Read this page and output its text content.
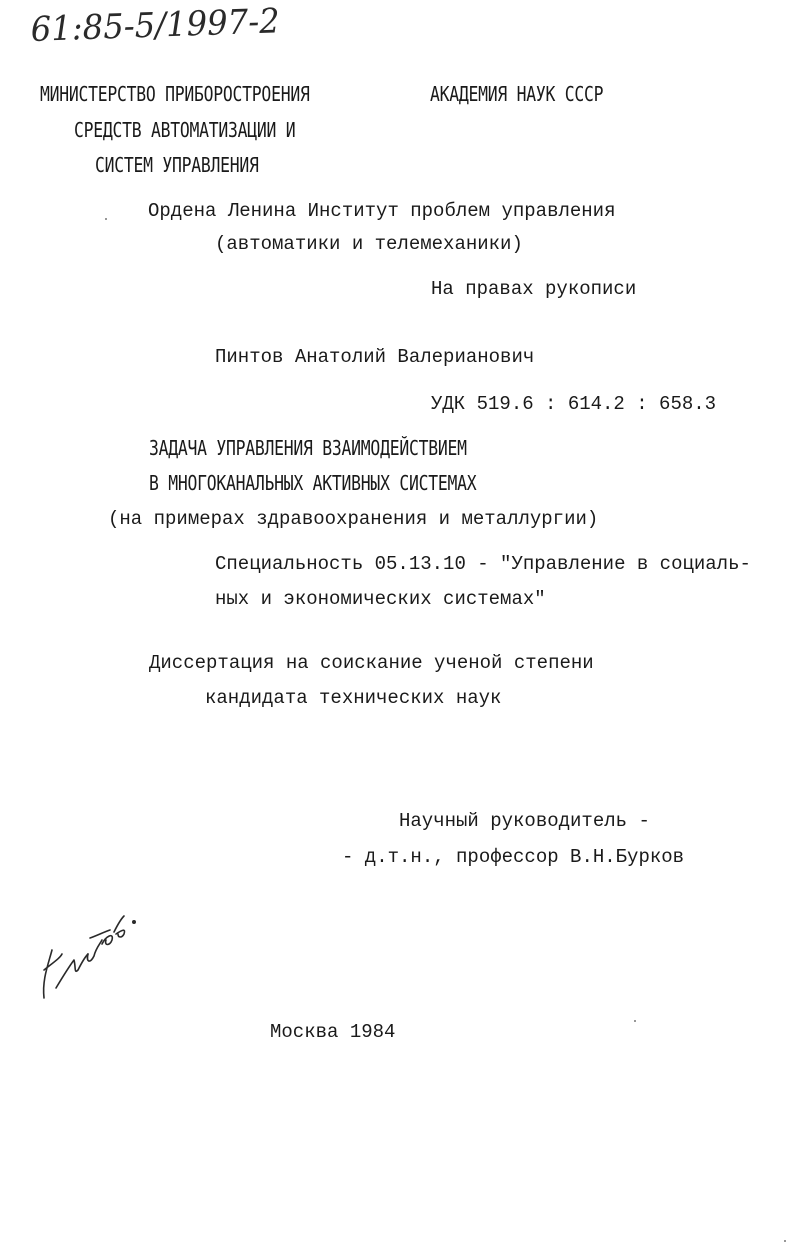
61:85-5/1997-2
МИНИСТЕРСТВО ПРИБОРОСТРОЕНИЯ
СРЕДСТВ АВТОМАТИЗАЦИИ И
СИСТЕМ УПРАВЛЕНИЯ
АКАДЕМИЯ НАУК СССР
Ордена Ленина Институт проблем управления
(автоматики и телемеханики)
На правах рукописи
Пинтов Анатолий Валерианович
УДК 519.6 : 614.2 : 658.3
ЗАДАЧА УПРАВЛЕНИЯ ВЗАИМОДЕЙСТВИЕМ
В МНОГОКАНАЛЬНЫХ АКТИВНЫХ СИСТЕМАХ
(на примерах здравоохранения и металлургии)
Специальность 05.13.10 - "Управление в социаль-
ных и экономических системах"
Диссертация на соискание ученой степени
кандидата технических наук
Научный руководитель -
- д.т.н., профессор В.Н.Бурков
Москва 1984
